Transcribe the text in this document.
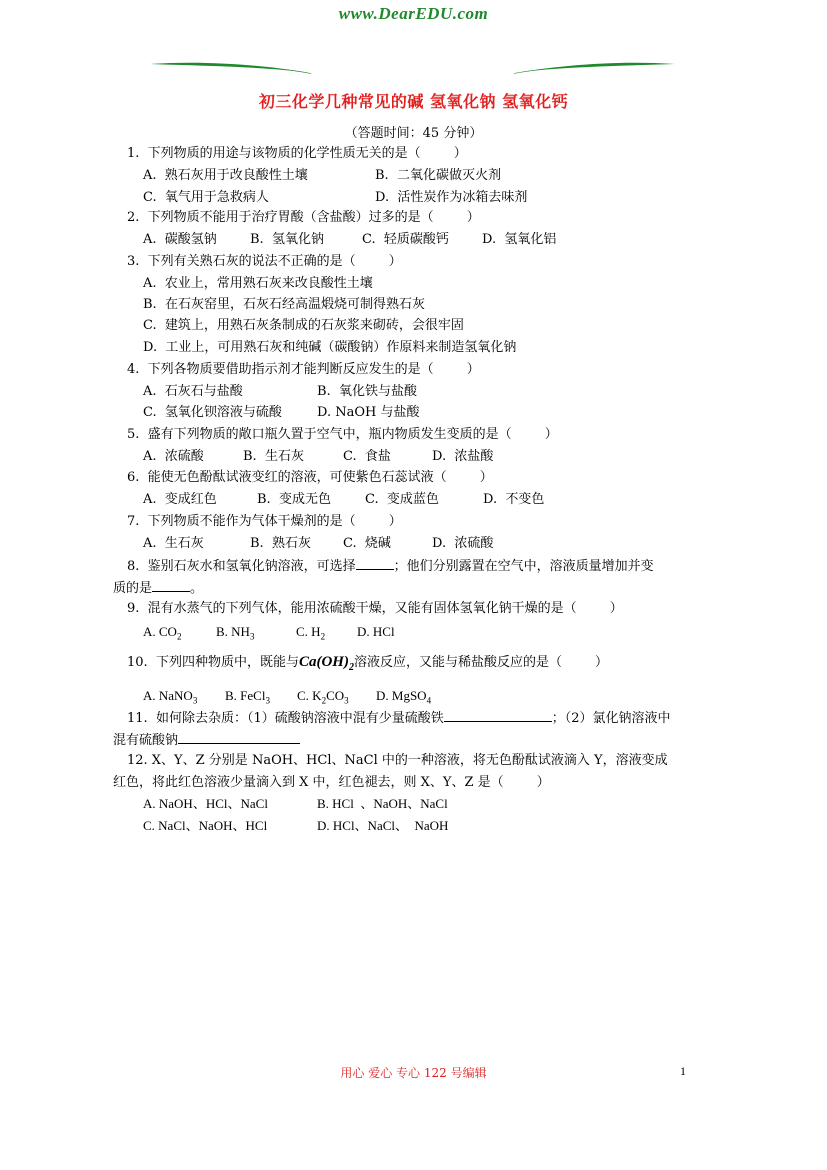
www.DearEDU.com
初三化学几种常见的碱 氢氧化钠 氢氧化钙
（答题时间：45 分钟）
1.  下列物质的用途与该物质的化学性质无关的是（        ）
A.  熟石灰用于改良酸性土壤	B.  二氧化碳做灭火剂
C.  氧气用于急救病人	D.  活性炭作为冰箱去味剂
2.  下列物质不能用于治疗胃酸（含盐酸）过多的是（        ）
A.  碳酸氢钠	B.  氢氧化钠	C.  轻质碳酸钙	D.  氢氧化铝
3.  下列有关熟石灰的说法不正确的是（        ）
A.  农业上，常用熟石灰来改良酸性土壤
B.  在石灰窑里，石灰石经高温煅烧可制得熟石灰
C.  建筑上，用熟石灰条制成的石灰浆来砌砖，会很牢固
D.  工业上，可用熟石灰和纯碱（碳酸钠）作原料来制造氢氧化钠
4.  下列各物质要借助指示剂才能判断反应发生的是（        ）
A.  石灰石与盐酸	B.  氧化铁与盐酸
C.  氢氧化钡溶液与硫酸	D. NaOH 与盐酸
5.  盛有下列物质的敞口瓶久置于空气中，瓶内物质发生变质的是（        ）
A.  浓硫酸	B.  生石灰	C.  食盐	D.  浓盐酸
6.  能使无色酚酞试液变红的溶液，可使紫色石蕊试液（        ）
A.  变成红色	B.  变成无色	C.  变成蓝色	D.  不变色
7.  下列物质不能作为气体干燥剂的是（        ）
A.  生石灰	B.  熟石灰 C.  烧碱	D.  浓硫酸
8.  鉴别石灰水和氢氧化钠溶液，可选择	；他们分别露置在空气中，溶液质量增加并变
质的是	。
9.  混有水蒸气的下列气体，能用浓硫酸干燥，又能有固体氢氧化钠干燥的是（        ）
A. $CO_2$	B. $NH_3$	C. $H_2$ D. HCl
10.  下列四种物质中，既能与$Ca(OH)_2$溶液反应，又能与稀盐酸反应的是（        ）
A. NaNO$_3$ B. FeCl$_3$ C. $K_2CO_3$ D. MgSO$_4$
11.  如何除去杂质：（1）硫酸钠溶液中混有少量硫酸铁	；（2）氯化钠溶液中
混有硫酸钠
12. X、Y、Z 分别是 NaOH、HCl、NaCl 中的一种溶液，将无色酚酞试液滴入 Y，溶液变成
红色，将此红色溶液少量滴入到 X 中，红色褪去，则 X、Y、Z 是（        ）
A. NaOH、HCl、NaCl	B. HCl  、NaOH、NaCl
C. NaCl、NaOH、HCl	D. HCl、NaCl、  NaOH
用心 爱心 专心 122 号编辑	1
